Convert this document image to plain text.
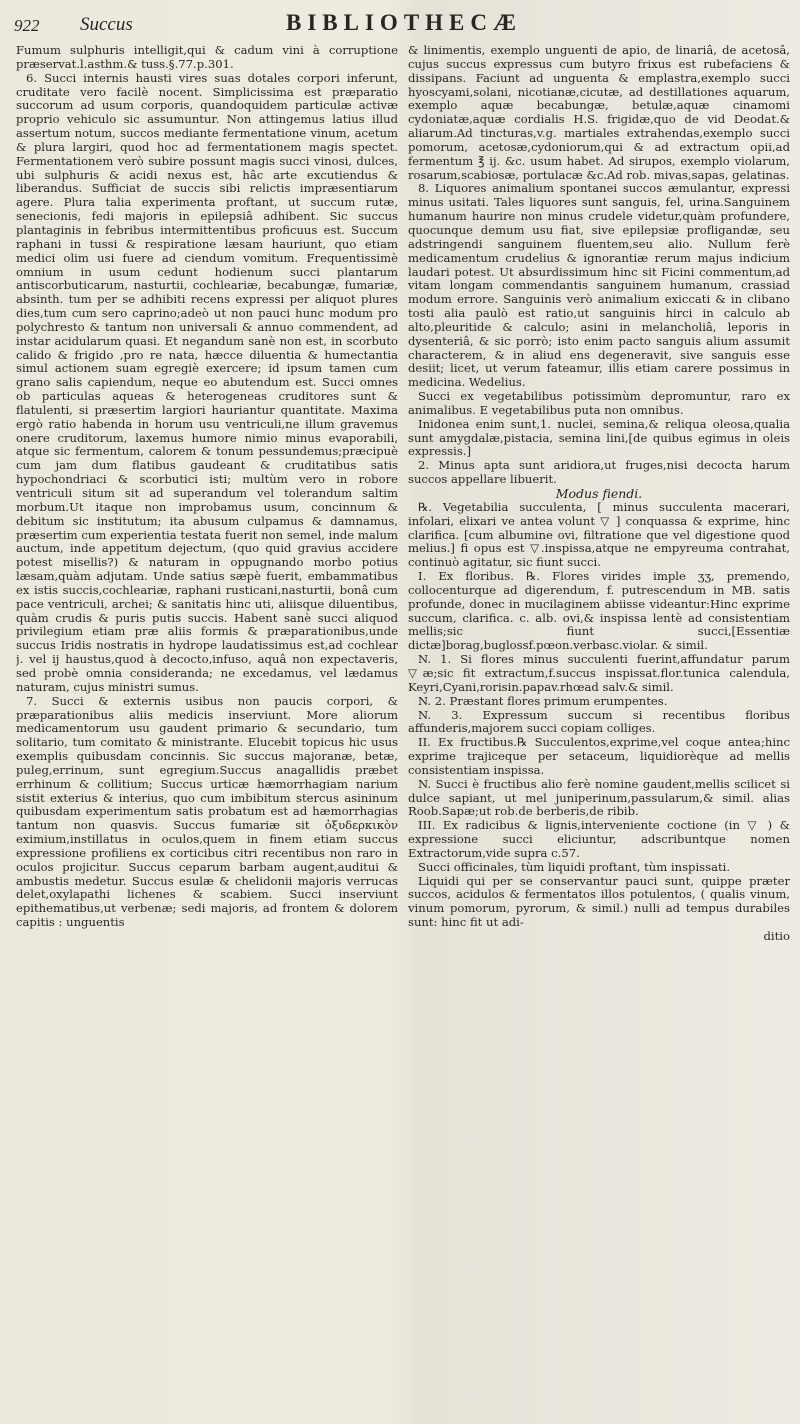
922 Succus	BIBLIOTHECÆ

Fumum sulphuris intelligit,qui & cadum vini à corruptione præservat.l.asthm.& tuss.§.77.p.301.

6. Succi internis hausti vires suas dotales corpori inferunt, cruditate vero facilè nocent. Simplicissima est præparatio succorum ad usum corporis, quandoquidem particulæ activæ proprio vehiculo sic assumuntur. Non attingemus latius illud assertum notum, succos mediante fermentatione vinum, acetum & plura largiri, quod hoc ad fermentationem magis spectet. Fermentationem verò subire possunt magis succi vinosi, dulces, ubi sulphuris & acidi nexus est, hâc arte excutiendus & liberandus. Sufficiat de succis sibi relictis impræsentiarum agere. Plura talia experimenta proftant, ut succum rutæ, senecionis, fedi majoris in epilepsiâ adhibent. Sic succus plantaginis in febribus intermittentibus proficuus est. Succum raphani in tussi & respiratione læsam hauriunt, quo etiam medici olim usi fuere ad ciendum vomitum. Frequentissimè omnium in usum cedunt hodienum succi plantarum antiscorbuticarum, nasturtii, cochleariæ, becabungæ, fumariæ, absinth. tum per se adhibiti recens expressi per aliquot plures dies,tum cum sero caprino;adeò ut non pauci hunc modum pro polychresto & tantum non universali & annuo commendent, ad instar acidularum quasi. Et negandum sanè non est, in scorbuto calido & frigido ,pro re nata, hæcce diluentia & humectantia simul actionem suam egregiè exercere; id ipsum tamen cum grano salis capiendum, neque eo abutendum est. Succi omnes ob particulas aqueas & heterogeneas cruditores sunt & flatulenti, si præsertim largiori hauriantur quantitate. Maxima ergò ratio habenda in horum usu ventriculi,ne illum gravemus onere cruditorum, laxemus humore nimio minus evaporabili, atque sic fermentum, calorem & tonum pessundemus;præcipuè cum jam dum flatibus gaudeant & cruditatibus satis hypochondriaci & scorbutici isti; multùm vero in robore ventriculi situm sit ad superandum vel tolerandum saltim morbum.Ut itaque non improbamus usum, concinnum & debitum sic institutum; ita abusum culpamus & damnamus, præsertim cum experientia testata fuerit non semel, inde malum auctum, inde appetitum dejectum, (quo quid gravius accidere potest misellis?) & naturam in oppugnando morbo potius læsam,quàm adjutam. Unde satius sæpè fuerit, embammatibus ex istis succis,cochleariæ, raphani rusticani,nasturtii, bonâ cum pace ventriculi, archei; & sanitatis hinc uti, aliisque diluentibus, quàm crudis & puris putis succis. Habent sanè succi aliquod privilegium etiam præ aliis formis & præparationibus,unde succus Iridis nostratis in hydrope laudatissimus est,ad cochlear j. vel ij haustus,quod à decocto,infuso, aquâ non expectaveris, sed probè omnia consideranda; ne excedamus, vel lædamus naturam, cujus ministri sumus.

7. Succi & externis usibus non paucis corpori, & præparationibus aliis medicis inserviunt. More aliorum medicamentorum usu gaudent primario & secundario, tum solitario, tum comitato & ministrante. Elucebit topicus hic usus exemplis quibusdam concinnis. Sic succus majoranæ, betæ, puleg,errinum, sunt egregium.Succus anagallidis præbet errhinum & collitium; Succus urticæ hæmorrhagiam narium sistit exterius & interius, quo cum imbibitum stercus asininum quibusdam experimentum satis probatum est ad hæmorrhagias tantum non quasvis. Succus fumariæ sit ὀξυδερκικὸν eximium,instillatus in oculos,quem in finem etiam succus expressione profiliens ex corticibus citri recentibus non raro in oculos projicitur. Succus ceparum barbam augent,auditui & ambustis medetur. Succus esulæ & chelidonii majoris verrucas delet,oxylapathi lichenes & scabiem. Succi inserviunt epithematibus,ut verbenæ; sedi majoris, ad frontem & dolorem capitis : unguentis

& linimentis, exemplo unguenti de apio, de linariâ, de acetosâ, cujus succus expressus cum butyro frixus est rubefaciens & dissipans. Faciunt ad unguenta & emplastra,exemplo succi hyoscyami,solani, nicotianæ,cicutæ, ad destillationes aquarum, exemplo aquæ becabungæ, betulæ,aquæ cinamomi cydoniatæ,aquæ cordialis H.S. frigidæ,quo de vid Deodat.& aliarum.Ad tincturas,v.g. martiales extrahendas,exemplo succi pomorum, acetosæ,cydoniorum,qui & ad extractum opii,ad fermentum ℥ ij. &c. usum habet. Ad sirupos, exemplo violarum, rosarum,scabiosæ, portulacæ &c.Ad rob. mivas,sapas, gelatinas.

8. Liquores animalium spontanei succos æmulantur, expressi minus usitati. Tales liquores sunt sanguis, fel, urina.Sanguinem humanum haurire non minus crudele videtur,quàm profundere, quocunque demum usu fiat, sive epilepsiæ profligandæ, seu adstringendi sanguinem fluentem,seu alio. Nullum ferè medicamentum crudelius & ignorantiæ rerum majus indicium laudari potest. Ut absurdissimum hinc sit Ficini commentum,ad vitam longam commendantis sanguinem humanum, crassiad modum errore. Sanguinis verò animalium exiccati & in clibano tosti alia paulò est ratio,ut sanguinis hirci in calculo ab alto,pleuritide & calculo; asini in melancholiâ, leporis in dysenteriâ, & sic porrò; isto enim pacto sanguis alium assumit characterem, & in aliud ens degeneravit, sive sanguis esse desiit; licet, ut verum fateamur, illis etiam carere possimus in medicina. Wedelius.

Succi ex vegetabilibus potissimùm depromuntur, raro ex animalibus. E vegetabilibus puta non omnibus.

Inidonea enim sunt,1. nuclei, semina,& reliqua oleosa,qualia sunt amygdalæ,pistacia, semina lini,[de quibus egimus in oleis expressis.]

2. Minus apta sunt aridiora,ut fruges,nisi decocta harum succos appellare libuerit.

Modus fiendi.

℞. Vegetabilia succulenta, [ minus succulenta macerari, infolari, elixari ve antea volunt ▽ ] conquassa & exprime, hinc clarifica. [cum albumine ovi, filtratione que vel digestione quod melius.] fi opus est ▽.inspissa,atque ne empyreuma contrahat, continuò agitatur, sic fiunt succi.

I. Ex floribus. ℞. Flores virides imple ʒʒ, premendo, collocenturque ad digerendum, f. putrescendum in MB. satis profunde, donec in mucilaginem abiisse videantur:Hinc exprime succum, clarifica. c. alb. ovi,& inspissa lentè ad consistentiam mellis;sic fiunt succi,[Essentiæ dictæ]borag,buglossf.pœon.verbasc.violar. & simil.

N. 1. Si flores minus succulenti fuerint,affundatur parum ▽æ;sic fit extractum,f.succus inspissat.flor.tunica calendula, Keyri,Cyani,rorisin.papav.rhœad salv.& simil.

N. 2. Præstant flores primum erumpentes.

N. 3. Expressum succum si recentibus floribus affunderis,majorem succi copiam colliges.

II. Ex fructibus.℞ Succulentos,exprime,vel coque antea;hinc exprime trajiceque per setaceum, liquidiorèque ad mellis consistentiam inspissa.

N. Succi è fructibus alio ferè nomine gaudent,mellis scilicet si dulce sapiant, ut mel juniperinum,passularum,& simil. alias Roob.Sapæ;ut rob.de berberis,de ribib.

III. Ex radicibus & lignis,interveniente coctione (in ▽ ) & expressione succi eliciuntur, adscribuntque nomen Extractorum,vide supra c.57.

Succi officinales, tùm liquidi proftant, tùm inspissati.

Liquidi qui per se conservantur pauci sunt, quippe præter succos, acidulos & fermentatos illos potulentos, ( qualis vinum, vinum pomorum, pyrorum, & simil.) nulli ad tempus durabiles sunt: hinc fit ut adi-

ditio
